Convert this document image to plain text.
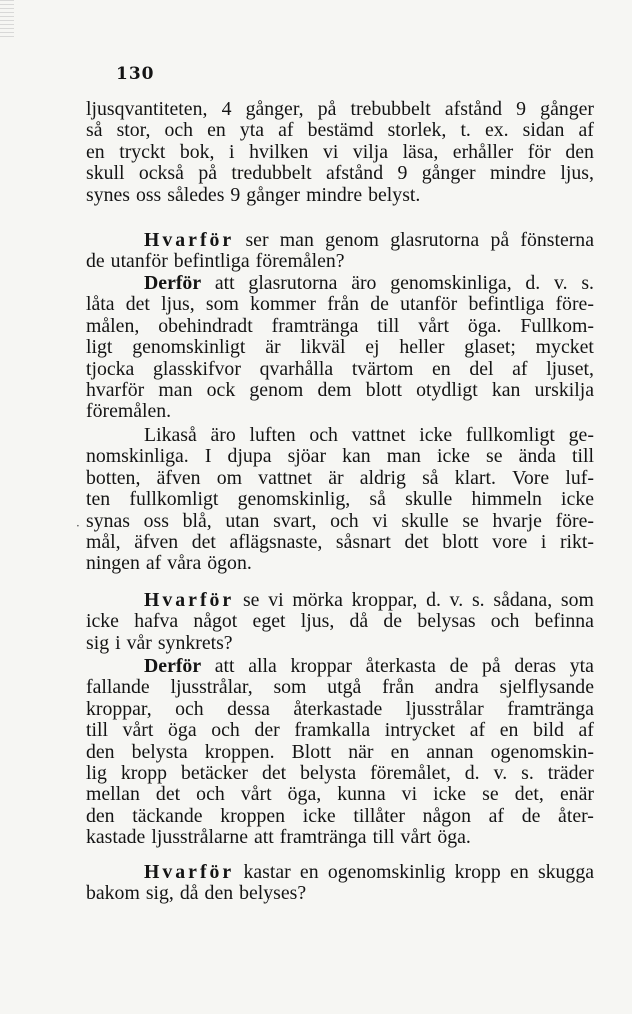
130
·
ljusqvantiteten, 4 gånger, på trebubbelt afstånd 9 gånger
så stor, och en yta af bestämd storlek, t. ex. sidan af
en tryckt bok, i hvilken vi vilja läsa, erhåller för den
skull också på tredubbelt afstånd 9 gånger mindre ljus,
synes oss således 9 gånger mindre belyst.
Hvarför ser man genom glasrutorna på fönsterna
de utanför befintliga föremålen?
Derför att glasrutorna äro genomskinliga, d. v. s.
låta det ljus, som kommer från de utanför befintliga före-
målen, obehindradt framtränga till vårt öga. Fullkom-
ligt genomskinligt är likväl ej heller glaset; mycket
tjocka glasskifvor qvarhålla tvärtom en del af ljuset,
hvarför man ock genom dem blott otydligt kan urskilja
föremålen.
Likaså äro luften och vattnet icke fullkomligt ge-
nomskinliga. I djupa sjöar kan man icke se ända till
botten, äfven om vattnet är aldrig så klart. Vore luf-
ten fullkomligt genomskinlig, så skulle himmeln icke
synas oss blå, utan svart, och vi skulle se hvarje före-
mål, äfven det aflägsnaste, såsnart det blott vore i rikt-
ningen af våra ögon.
Hvarför se vi mörka kroppar, d. v. s. sådana, som
icke hafva något eget ljus, då de belysas och befinna
sig i vår synkrets?
Derför att alla kroppar återkasta de på deras yta
fallande ljusstrålar, som utgå från andra sjelflysande
kroppar, och dessa återkastade ljusstrålar framtränga
till vårt öga och der framkalla intrycket af en bild af
den belysta kroppen. Blott när en annan ogenomskin-
lig kropp betäcker det belysta föremålet, d. v. s. träder
mellan det och vårt öga, kunna vi icke se det, enär
den täckande kroppen icke tillåter någon af de åter-
kastade ljusstrålarne att framtränga till vårt öga.
Hvarför kastar en ogenomskinlig kropp en skugga
bakom sig, då den belyses?
